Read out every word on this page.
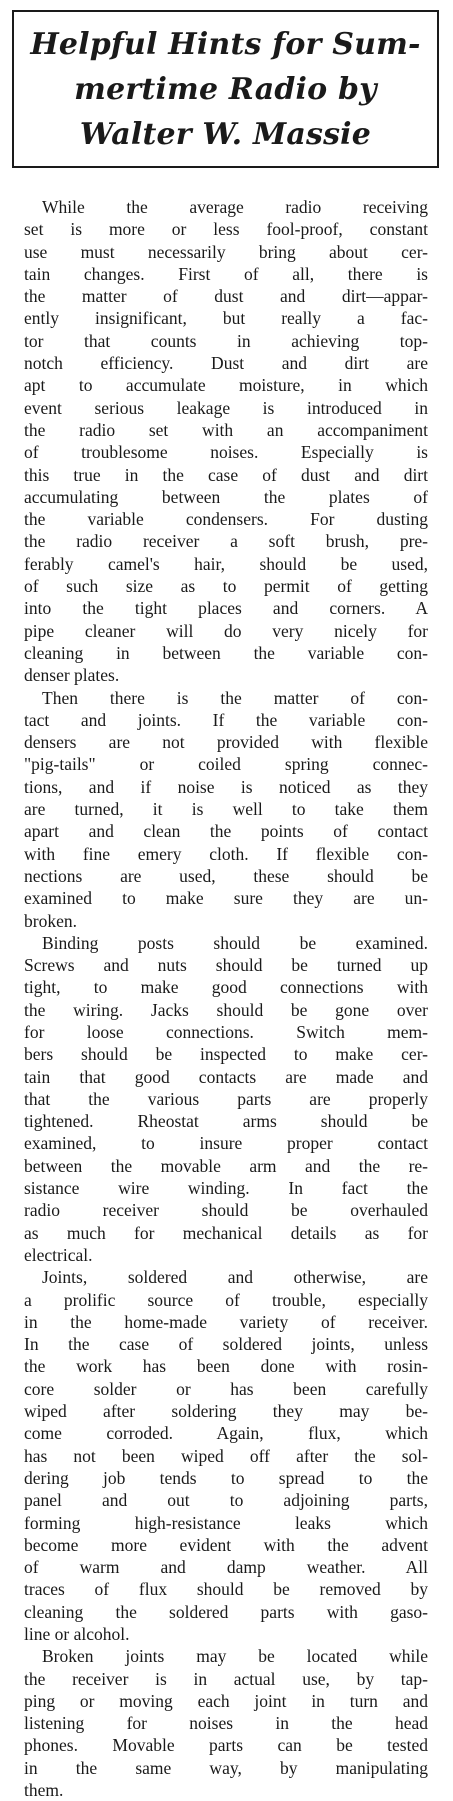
Helpful Hints for Sum-
mertime Radio by
Walter W. Massie
While the average radio receiving
set is more or less fool-proof, constant
use must necessarily bring about cer-
tain changes. First of all, there is
the matter of dust and dirt—appar-
ently insignificant, but really a fac-
tor that counts in achieving top-
notch efficiency. Dust and dirt are
apt to accumulate moisture, in which
event serious leakage is introduced in
the radio set with an accompaniment
of troublesome noises. Especially is
this true in the case of dust and dirt
accumulating between the plates of
the variable condensers. For dusting
the radio receiver a soft brush, pre-
ferably camel's hair, should be used,
of such size as to permit of getting
into the tight places and corners. A
pipe cleaner will do very nicely for
cleaning in between the variable con-
denser plates.
Then there is the matter of con-
tact and joints. If the variable con-
densers are not provided with flexible
"pig-tails" or coiled spring connec-
tions, and if noise is noticed as they
are turned, it is well to take them
apart and clean the points of contact
with fine emery cloth. If flexible con-
nections are used, these should be
examined to make sure they are un-
broken.
Binding posts should be examined.
Screws and nuts should be turned up
tight, to make good connections with
the wiring. Jacks should be gone over
for loose connections. Switch mem-
bers should be inspected to make cer-
tain that good contacts are made and
that the various parts are properly
tightened. Rheostat arms should be
examined, to insure proper contact
between the movable arm and the re-
sistance wire winding. In fact the
radio receiver should be overhauled
as much for mechanical details as for
electrical.
Joints, soldered and otherwise, are
a prolific source of trouble, especially
in the home-made variety of receiver.
In the case of soldered joints, unless
the work has been done with rosin-
core solder or has been carefully
wiped after soldering they may be-
come corroded. Again, flux, which
has not been wiped off after the sol-
dering job tends to spread to the
panel and out to adjoining parts,
forming high-resistance leaks which
become more evident with the advent
of warm and damp weather. All
traces of flux should be removed by
cleaning the soldered parts with gaso-
line or alcohol.
Broken joints may be located while
the receiver is in actual use, by tap-
ping or moving each joint in turn and
listening for noises in the head
phones. Movable parts can be tested
in the same way, by manipulating
them.
